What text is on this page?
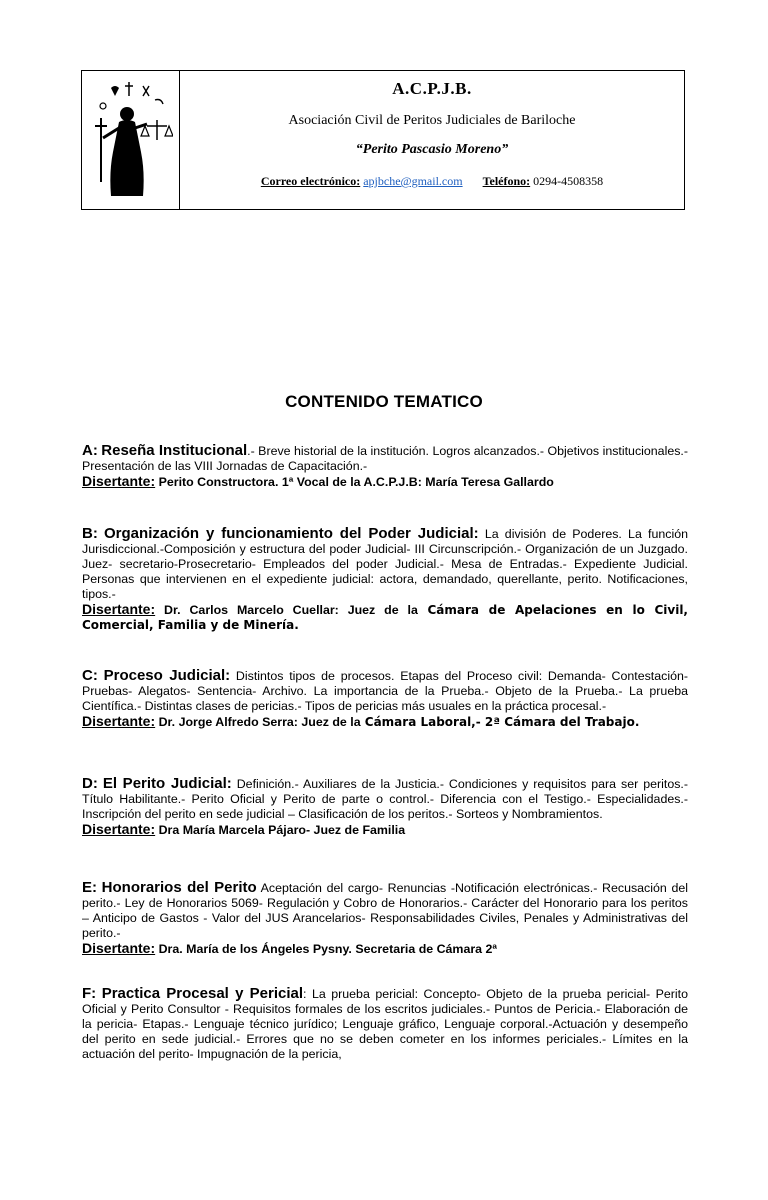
A.C.P.J.B.
Asociación Civil de Peritos Judiciales de Bariloche
“Perito Pascasio Moreno”
Correo electrónico: apjbche@gmail.com Teléfono: 0294-4508358
CONTENIDO TEMATICO
A: Reseña Institucional.- Breve historial de la institución. Logros alcanzados.- Objetivos institucionales.-Presentación de las VIII Jornadas de Capacitación.-
Disertante: Perito Constructora. 1ª Vocal de la A.C.P.J.B: María Teresa Gallardo
B: Organización y funcionamiento del Poder Judicial: La división de Poderes. La función Jurisdiccional.-Composición y estructura del poder Judicial- III Circunscripción.- Organización de un Juzgado. Juez- secretario-Prosecretario- Empleados del poder Judicial.- Mesa de Entradas.- Expediente Judicial. Personas que intervienen en el expediente judicial: actora, demandado, querellante, perito. Notificaciones, tipos.-
Disertante: Dr. Carlos Marcelo Cuellar: Juez de la Cámara de Apelaciones en lo Civil, Comercial, Familia y de Minería.
C: Proceso Judicial: Distintos tipos de procesos. Etapas del Proceso civil: Demanda- Contestación- Pruebas- Alegatos- Sentencia- Archivo. La importancia de la Prueba.- Objeto de la Prueba.- La prueba Científica.- Distintas clases de pericias.- Tipos de pericias más usuales en la práctica procesal.-
Disertante: Dr. Jorge Alfredo Serra: Juez de la Cámara Laboral,- 2ª Cámara del Trabajo.
D: El Perito Judicial: Definición.- Auxiliares de la Justicia.- Condiciones y requisitos para ser peritos.-Título Habilitante.- Perito Oficial y Perito de parte o control.- Diferencia con el Testigo.- Especialidades.- Inscripción del perito en sede judicial – Clasificación de los peritos.- Sorteos y Nombramientos.
Disertante: Dra María Marcela Pájaro- Juez de Familia
E: Honorarios del Perito Aceptación del cargo- Renuncias -Notificación electrónicas.- Recusación del perito.- Ley de Honorarios 5069- Regulación y Cobro de Honorarios.- Carácter del Honorario para los peritos – Anticipo de Gastos - Valor del JUS Arancelarios- Responsabilidades Civiles, Penales y Administrativas del perito.-
Disertante: Dra. María de los Ángeles Pysny. Secretaria de Cámara 2ª
F: Practica Procesal y Pericial: La prueba pericial: Concepto- Objeto de la prueba pericial- Perito Oficial y Perito Consultor - Requisitos formales de los escritos judiciales.- Puntos de Pericia.- Elaboración de la pericia- Etapas.- Lenguaje técnico jurídico; Lenguaje gráfico, Lenguaje corporal.-Actuación y desempeño del perito en sede judicial.- Errores que no se deben cometer en los informes periciales.- Límites en la actuación del perito- Impugnación de la pericia,
